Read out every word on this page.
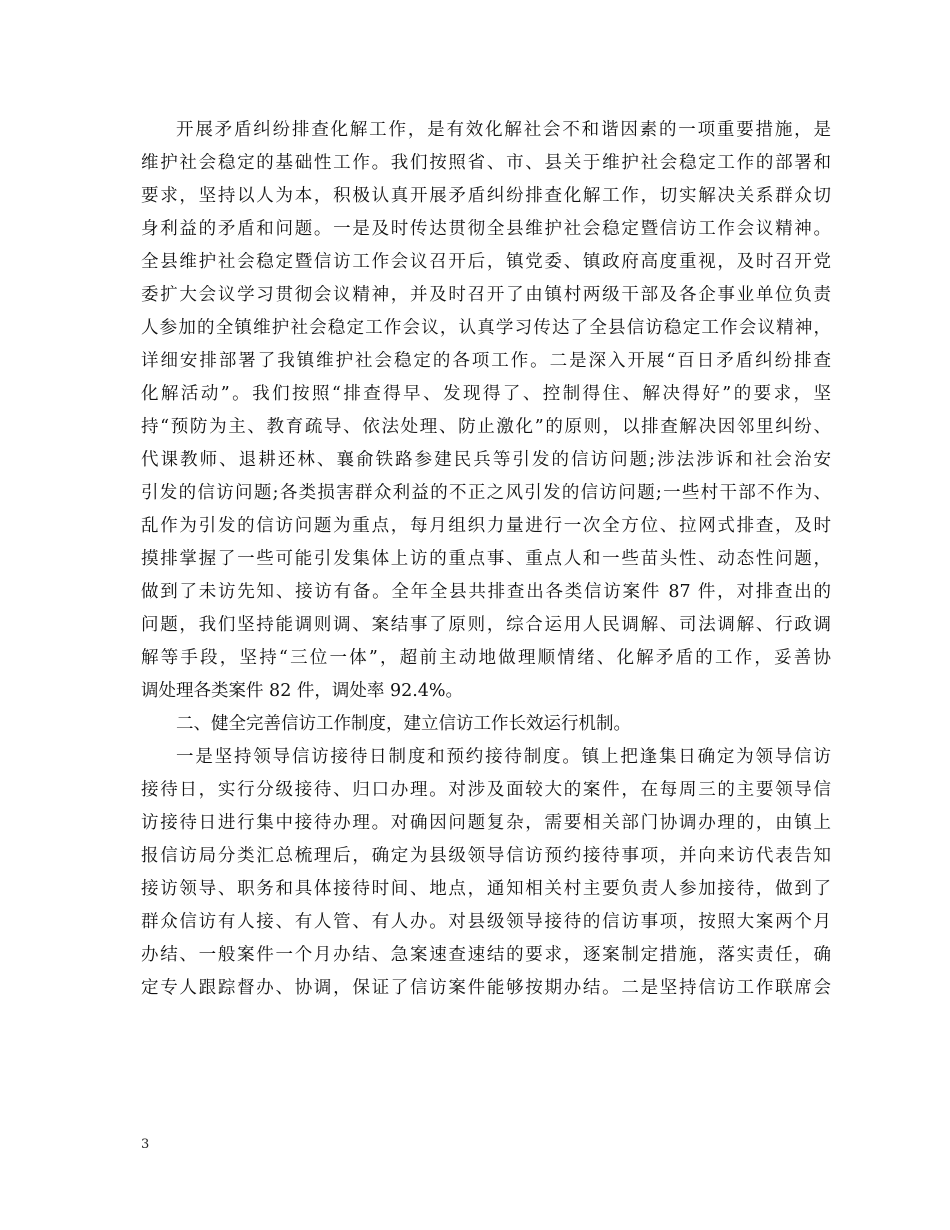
开展矛盾纠纷排查化解工作，是有效化解社会不和谐因素的一项重要措施，是
维护社会稳定的基础性工作。我们按照省、市、县关于维护社会稳定工作的部署和
要求，坚持以人为本，积极认真开展矛盾纠纷排查化解工作，切实解决关系群众切
身利益的矛盾和问题。一是及时传达贯彻全县维护社会稳定暨信访工作会议精神。
全县维护社会稳定暨信访工作会议召开后，镇党委、镇政府高度重视，及时召开党
委扩大会议学习贯彻会议精神，并及时召开了由镇村两级干部及各企事业单位负责
人参加的全镇维护社会稳定工作会议，认真学习传达了全县信访稳定工作会议精神，
详细安排部署了我镇维护社会稳定的各项工作。二是深入开展“百日矛盾纠纷排查
化解活动”。我们按照“排查得早、发现得了、控制得住、解决得好”的要求，坚
持“预防为主、教育疏导、依法处理、防止激化”的原则，以排查解决因邻里纠纷、
代课教师、退耕还林、襄俞铁路参建民兵等引发的信访问题;涉法涉诉和社会治安
引发的信访问题;各类损害群众利益的不正之风引发的信访问题;一些村干部不作为、
乱作为引发的信访问题为重点，每月组织力量进行一次全方位、拉网式排查，及时
摸排掌握了一些可能引发集体上访的重点事、重点人和一些苗头性、动态性问题，
做到了未访先知、接访有备。全年全县共排查出各类信访案件 87 件，对排查出的
问题，我们坚持能调则调、案结事了原则，综合运用人民调解、司法调解、行政调
解等手段，坚持“三位一体”，超前主动地做理顺情绪、化解矛盾的工作，妥善协
调处理各类案件 82 件，调处率 92.4%。
二、健全完善信访工作制度，建立信访工作长效运行机制。
一是坚持领导信访接待日制度和预约接待制度。镇上把逢集日确定为领导信访
接待日，实行分级接待、归口办理。对涉及面较大的案件，在每周三的主要领导信
访接待日进行集中接待办理。对确因问题复杂，需要相关部门协调办理的，由镇上
报信访局分类汇总梳理后，确定为县级领导信访预约接待事项，并向来访代表告知
接访领导、职务和具体接待时间、地点，通知相关村主要负责人参加接待，做到了
群众信访有人接、有人管、有人办。对县级领导接待的信访事项，按照大案两个月
办结、一般案件一个月办结、急案速查速结的要求，逐案制定措施，落实责任，确
定专人跟踪督办、协调，保证了信访案件能够按期办结。二是坚持信访工作联席会
3
